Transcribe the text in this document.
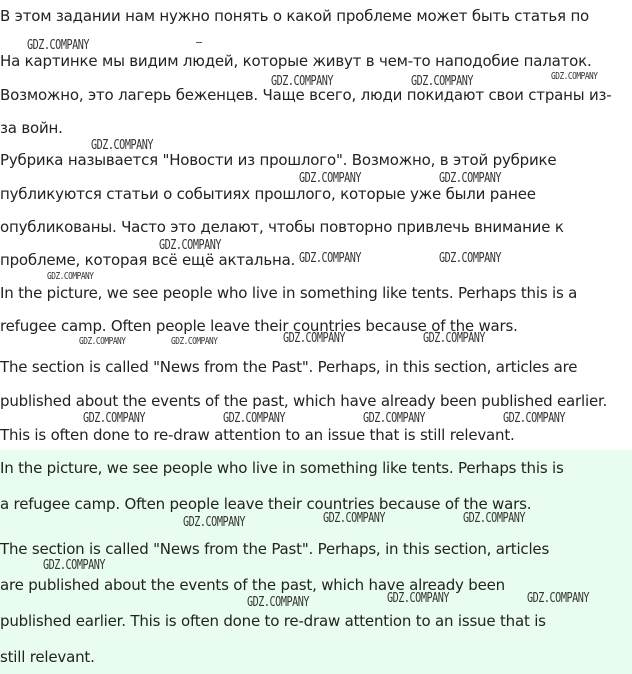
В этом задании нам нужно понять о какой проблеме может быть статья по
На картинке мы видим людей, которые живут в чем-то наподобие палаток.
Возможно, это лагерь беженцев. Чаще всего, люди покидают свои страны из-
за войн.
Рубрика называется "Новости из прошлого". Возможно, в этой рубрике
публикуются статьи о событиях прошлого, которые уже были ранее
опубликованы. Часто это делают, чтобы повторно привлечь внимание к
проблеме, которая всё ещё актальна.
In the picture, we see people who live in something like tents. Perhaps this is a
refugee camp. Often people leave their countries because of the wars.
The section is called "News from the Past". Perhaps, in this section, articles are
published about the events of the past, which have already been published earlier.
This is often done to re-draw attention to an issue that is still relevant.
In the picture, we see people who live in something like tents. Perhaps this is
a refugee camp. Often people leave their countries because of the wars.
The section is called "News from the Past". Perhaps, in this section, articles
are published about the events of the past, which have already been
published earlier. This is often done to re-draw attention to an issue that is
still relevant.
GDZ.COMPANY
GDZ.COMPANY	GDZ.COMPANY	GDZ.COMPANY
GDZ.COMPANY
GDZ.COMPANY	GDZ.COMPANY
GDZ.COMPANY
GDZ.COMPANY	GDZ.COMPANY
GDZ.COMPANY
GDZ.COMPANY	GDZ.COMPANY	GDZ.COMPANY	GDZ.COMPANY
GDZ.COMPANY	GDZ.COMPANY	GDZ.COMPANY	GDZ.COMPANY
GDZ.COMPANY	GDZ.COMPANY	GDZ.COMPANY
GDZ.COMPANY
GDZ.COMPANY	GDZ.COMPANY	GDZ.COMPANY
